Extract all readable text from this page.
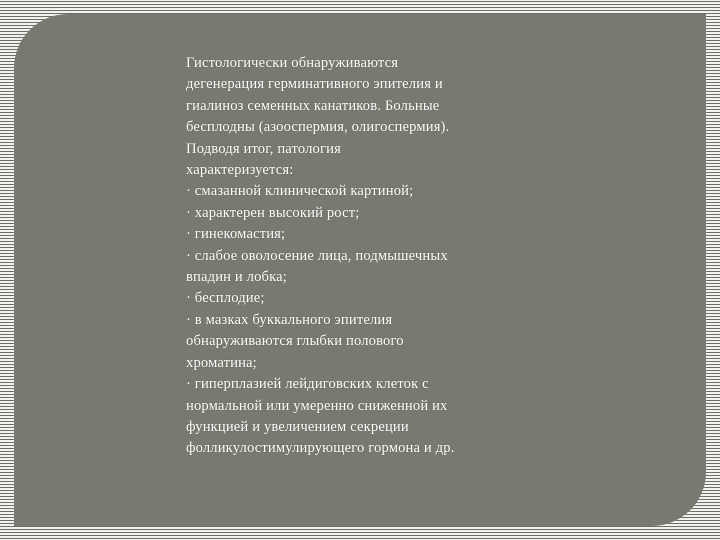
Гистологически обнаруживаются
дегенерация герминативного эпителия и
гиалиноз семенных канатиков. Больные
бесплодны (азооспермия, олигоспермия).
Подводя итог, патология
характеризуется:
· смазанной клинической картиной;
· характерен высокий рост;
· гинекомастия;
· слабое оволосение лица, подмышечных
впадин и лобка;
· бесплодие;
· в мазках буккального эпителия
обнаруживаются глыбки полового
хроматина;
· гиперплазией лейдиговских клеток с
нормальной или умеренно сниженной их
функцией и увеличением секреции
фолликулостимулирующего гормона и др.
